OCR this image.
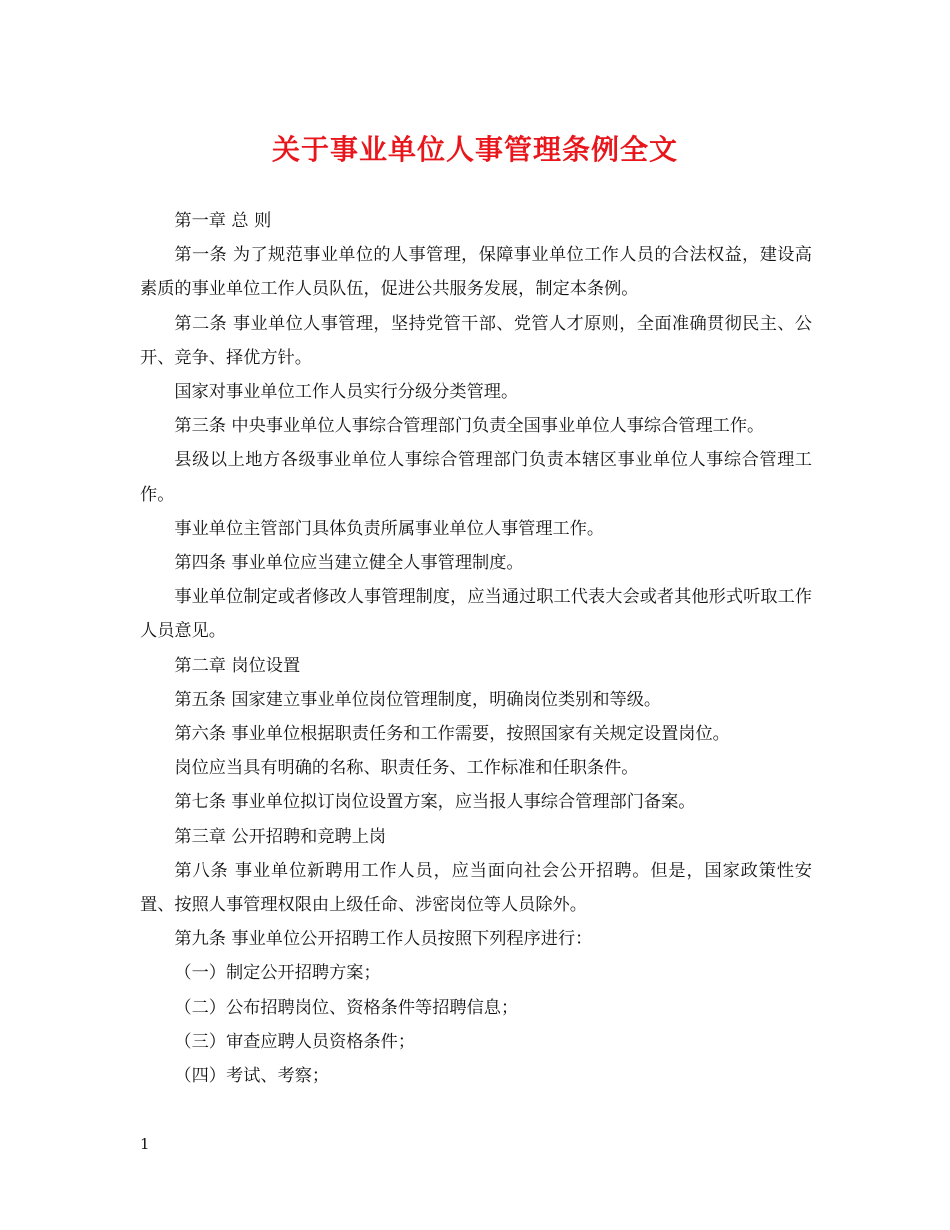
关于事业单位人事管理条例全文

第一章 总 则

第一条 为了规范事业单位的人事管理，保障事业单位工作人员的合法权益，建设高素质的事业单位工作人员队伍，促进公共服务发展，制定本条例。

第二条 事业单位人事管理，坚持党管干部、党管人才原则，全面准确贯彻民主、公开、竞争、择优方针。

国家对事业单位工作人员实行分级分类管理。

第三条 中央事业单位人事综合管理部门负责全国事业单位人事综合管理工作。

县级以上地方各级事业单位人事综合管理部门负责本辖区事业单位人事综合管理工作。

事业单位主管部门具体负责所属事业单位人事管理工作。

第四条 事业单位应当建立健全人事管理制度。

事业单位制定或者修改人事管理制度，应当通过职工代表大会或者其他形式听取工作人员意见。

第二章 岗位设置

第五条 国家建立事业单位岗位管理制度，明确岗位类别和等级。

第六条 事业单位根据职责任务和工作需要，按照国家有关规定设置岗位。

岗位应当具有明确的名称、职责任务、工作标准和任职条件。

第七条 事业单位拟订岗位设置方案，应当报人事综合管理部门备案。

第三章 公开招聘和竞聘上岗

第八条 事业单位新聘用工作人员，应当面向社会公开招聘。但是，国家政策性安置、按照人事管理权限由上级任命、涉密岗位等人员除外。

第九条 事业单位公开招聘工作人员按照下列程序进行：

（一）制定公开招聘方案；

（二）公布招聘岗位、资格条件等招聘信息；

（三）审查应聘人员资格条件；

（四）考试、考察；

1
